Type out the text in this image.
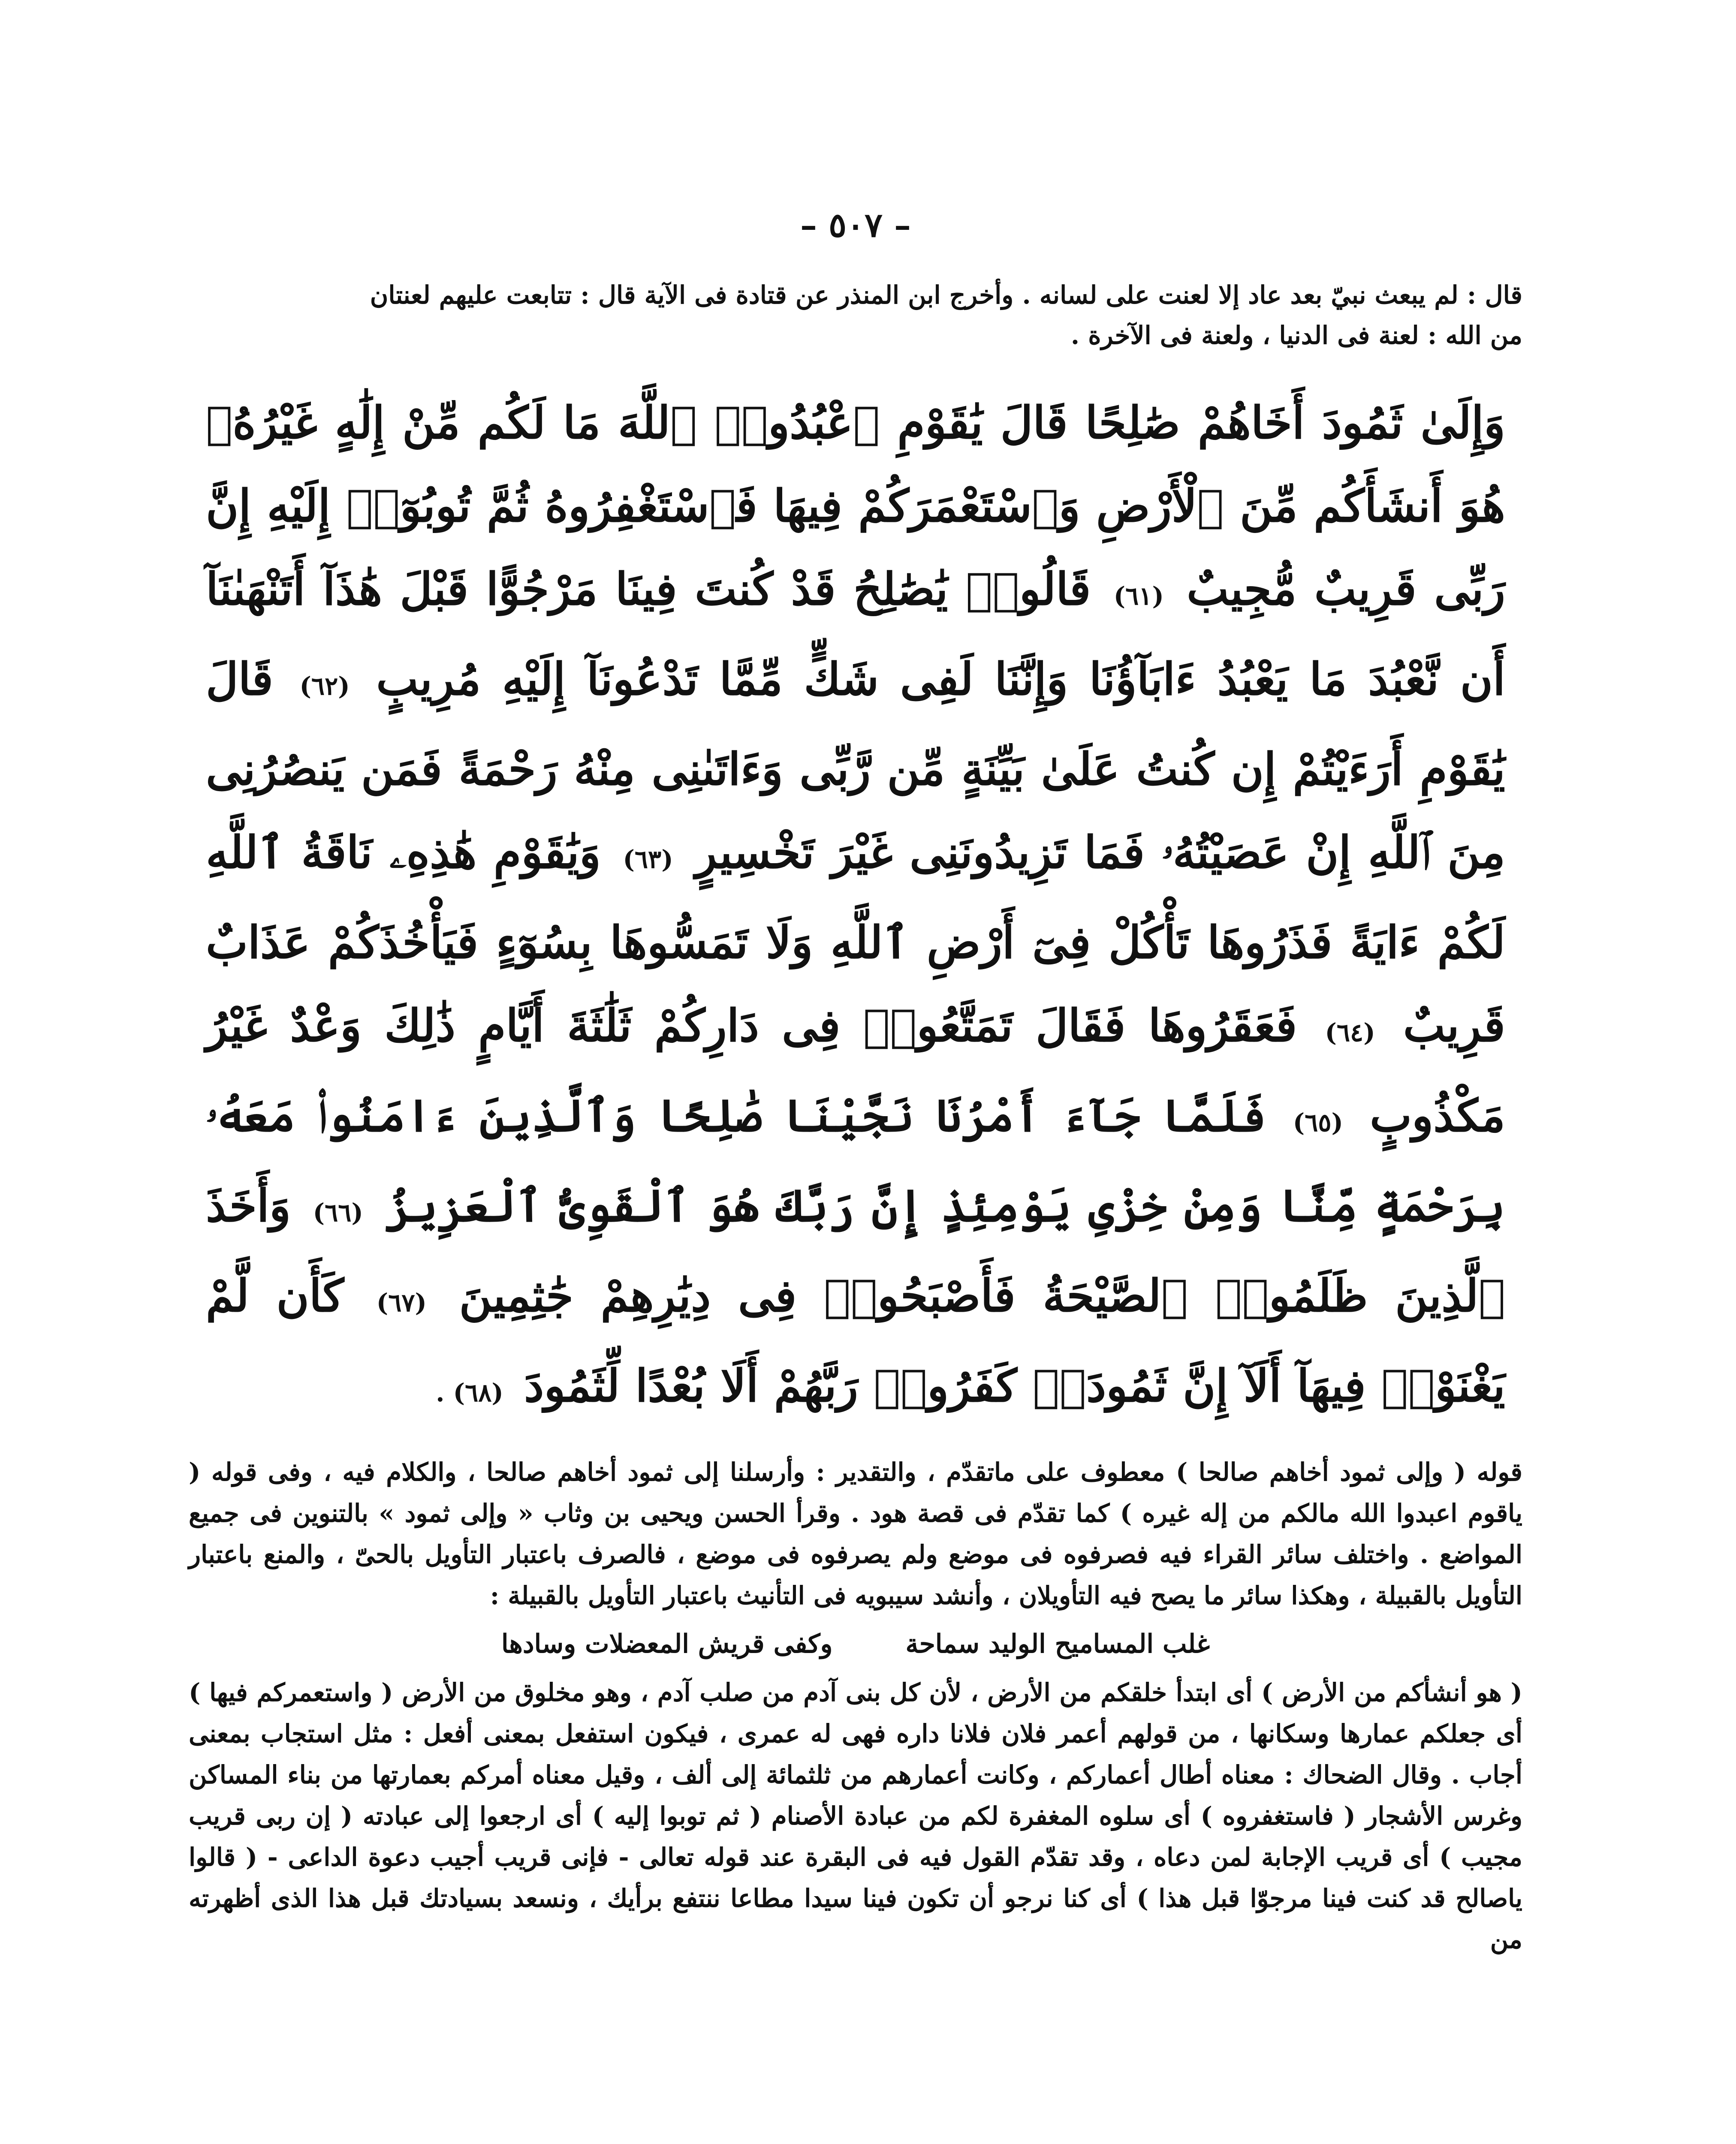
– ٥٠٧ –

قال : لم يبعث نبيّ بعد عاد إلا لعنت على لسانه . وأخرج ابن المنذر عن قتادة فى الآية قال : تتابعت عليهم لعنتان

من الله : لعنة فى الدنيا ، ولعنة فى الآخرة .

وَإِلَىٰ ثَمُودَ أَخَاهُمْ صَٰلِحًا قَالَ يَٰقَوْمِ ٱعْبُدُوا۟ ٱللَّهَ مَا لَكُم مِّنْ إِلَٰهٍ غَيْرُهُۥ هُوَ أَنشَأَكُم مِّنَ ٱلْأَرْضِ وَٱسْتَعْمَرَكُمْ فِيهَا فَٱسْتَغْفِرُوهُ ثُمَّ تُوبُوٓا۟ إِلَيْهِ إِنَّ رَبِّى قَرِيبٌ مُّجِيبٌ (٦١) قَالُوا۟ يَٰصَٰلِحُ قَدْ كُنتَ فِينَا مَرْجُوًّا قَبْلَ هَٰذَآ أَتَنْهَىٰنَآ أَن نَّعْبُدَ مَا يَعْبُدُ ءَابَآؤُنَا وَإِنَّنَا لَفِى شَكٍّ مِّمَّا تَدْعُونَآ إِلَيْهِ مُرِيبٍ (٦٢) قَالَ يَٰقَوْمِ أَرَءَيْتُمْ إِن كُنتُ عَلَىٰ بَيِّنَةٍ مِّن رَّبِّى وَءَاتَىٰنِى مِنْهُ رَحْمَةً فَمَن يَنصُرُنِى مِنَ ٱللَّهِ إِنْ عَصَيْتُهُۥ فَمَا تَزِيدُونَنِى غَيْرَ تَخْسِيرٍ (٦٣) وَيَٰقَوْمِ هَٰذِهِۦ نَاقَةُ ٱللَّهِ لَكُمْ ءَايَةً فَذَرُوهَا تَأْكُلْ فِىٓ أَرْضِ ٱللَّهِ وَلَا تَمَسُّوهَا بِسُوٓءٍ فَيَأْخُذَكُمْ عَذَابٌ قَرِيبٌ (٦٤) فَعَقَرُوهَا فَقَالَ تَمَتَّعُوا۟ فِى دَارِكُمْ ثَلَٰثَةَ أَيَّامٍ ذَٰلِكَ وَعْدٌ غَيْرُ مَكْذُوبٍ (٦٥) فَلَمَّا جَآءَ أَمْرُنَا نَجَّيْنَا صَٰلِحًا وَٱلَّذِينَ ءَامَنُوا۟ مَعَهُۥ بِرَحْمَةٍ مِّنَّا وَمِنْ خِزْىِ يَوْمِئِذٍ إِنَّ رَبَّكَ هُوَ ٱلْقَوِىُّ ٱلْعَزِيزُ (٦٦) وَأَخَذَ ٱلَّذِينَ ظَلَمُوا۟ ٱلصَّيْحَةُ فَأَصْبَحُوا۟ فِى دِيَٰرِهِمْ جَٰثِمِينَ (٦٧) كَأَن لَّمْ يَغْنَوْا۟ فِيهَآ أَلَآ إِنَّ ثَمُودَا۟ كَفَرُوا۟ رَبَّهُمْ أَلَا بُعْدًا لِّثَمُودَ (٦٨) .

قوله ( وإلى ثمود أخاهم صالحا ) معطوف على ماتقدّم ، والتقدير : وأرسلنا إلى ثمود أخاهم صالحا ، والكلام فيه ، وفى قوله ( ياقوم اعبدوا الله مالكم من إله غيره ) كما تقدّم فى قصة هود . وقرأ الحسن ويحيى بن وثاب « وإلى ثمود » بالتنوين فى جميع المواضع . واختلف سائر القراء فيه فصرفوه فى موضع ولم يصرفوه فى موضع ، فالصرف باعتبار التأويل بالحىّ ، والمنع باعتبار التأويل بالقبيلة ، وهكذا سائر ما يصح فيه التأويلان ، وأنشد سيبويه فى التأنيث باعتبار التأويل بالقبيلة :

غلب المساميح الوليد سماحة
وكفى قريش المعضلات وسادها

( هو أنشأكم من الأرض ) أى ابتدأ خلقكم من الأرض ، لأن كل بنى آدم من صلب آدم ، وهو مخلوق من الأرض ( واستعمركم فيها ) أى جعلكم عمارها وسكانها ، من قولهم أعمر فلان فلانا داره فهى له عمرى ، فيكون استفعل بمعنى أفعل : مثل استجاب بمعنى أجاب . وقال الضحاك : معناه أطال أعماركم ، وكانت أعمارهم من ثلثمائة إلى ألف ، وقيل معناه أمركم بعمارتها من بناء المساكن وغرس الأشجار ( فاستغفروه ) أى سلوه المغفرة لكم من عبادة الأصنام ( ثم توبوا إليه ) أى ارجعوا إلى عبادته ( إن ربى قريب مجيب ) أى قريب الإجابة لمن دعاه ، وقد تقدّم القول فيه فى البقرة عند قوله تعالى - فإنى قريب أجيب دعوة الداعى - ( قالوا ياصالح قد كنت فينا مرجوّا قبل هذا ) أى كنا نرجو أن تكون فينا سيدا مطاعا ننتفع برأيك ، ونسعد بسيادتك قبل هذا الذى أظهرته من
